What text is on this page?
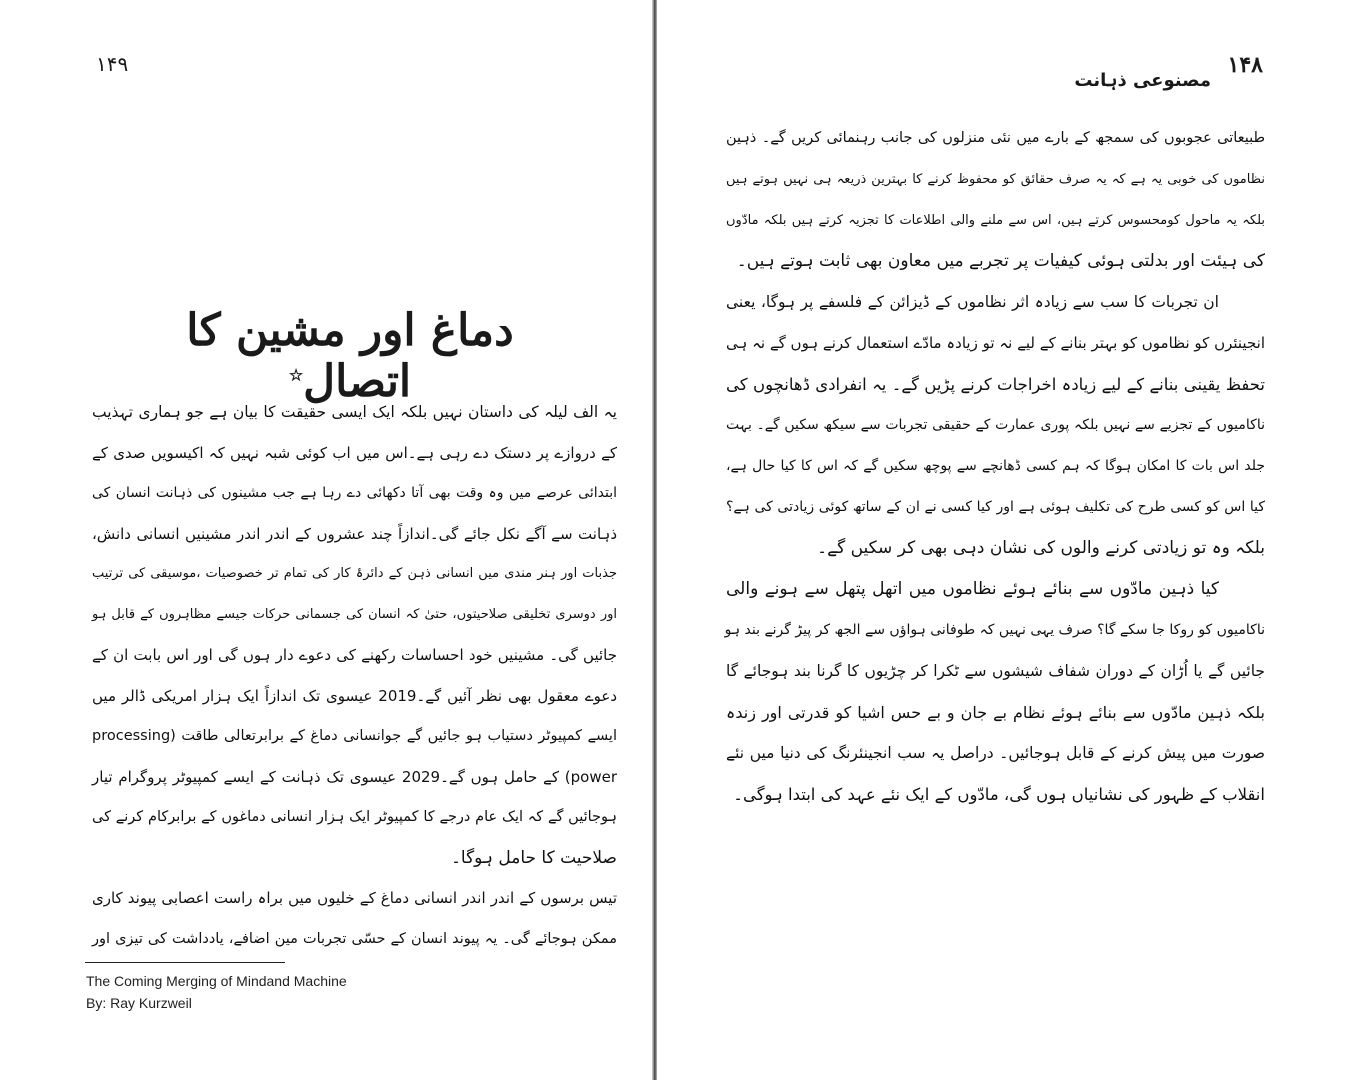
۱۴۹
دماغ اور مشین کا اتصال☆

یہ الف لیلہ کی داستان نہیں بلکہ ایک ایسی حقیقت کا بیان ہے جو ہماری تہذیب
کے دروازے پر دستک دے رہی ہے۔اس میں اب کوئی شبہ نہیں کہ اکیسویں صدی کے
ابتدائی عرصے میں وہ وقت بھی آتا دکھائی دے رہا ہے جب مشینوں کی ذہانت انسان کی
ذہانت سے آگے نکل جائے گی۔اندازاً چند عشروں کے اندر اندر مشینیں انسانی دانش،
جذبات اور ہنر مندی میں انسانی ذہن کے دائرۂ کار کی تمام تر خصوصیات ،موسیقی کی ترتیب
اور دوسری تخلیقی صلاحیتوں، حتیٰ کہ انسان کی جسمانی حرکات جیسے مظاہروں کے قابل ہو
جائیں گی۔ مشینیں خود احساسات رکھنے کی دعوے دار ہوں گی اور اس بابت ان کے
دعوے معقول بھی نظر آئیں گے۔2019 عیسوی تک اندازاً ایک ہزار امریکی ڈالر میں
ایسے کمپیوٹر دستیاب ہو جائیں گے جوانسانی دماغ کے برابرتعالی طاقت (processing
power) کے حامل ہوں گے۔2029 عیسوی تک ذہانت کے ایسے کمپیوٹر پروگرام تیار
ہوجائیں گے کہ ایک عام درجے کا کمپیوٹر ایک ہزار انسانی دماغوں کے برابرکام کرنے کی
صلاحیت کا حامل ہوگا۔

تیس برسوں کے اندر اندر انسانی دماغ کے خلیوں میں براہ راست اعصابی پیوند کاری
ممکن ہوجائے گی۔ یہ پیوند انسان کے حسّی تجربات مین اضافے، یادداشت کی تیزی اور

The Coming Merging of Mindand Machine
By: Ray Kurzweil
۱۴۸
مصنوعی ذہانت

طبیعاتی عجوبوں کی سمجھ کے بارے میں نئی منزلوں کی جانب رہنمائی کریں گے۔ ذہین
نظاموں کی خوبی یہ ہے کہ یہ صرف حقائق کو محفوظ کرنے کا بہترین ذریعہ ہی نہیں ہوتے ہیں
بلکہ یہ ماحول کومحسوس کرتے ہیں، اس سے ملنے والی اطلاعات کا تجزیہ کرتے ہیں بلکہ مادّوں
کی ہیئت اور بدلتی ہوئی کیفیات پر تجربے میں معاون بھی ثابت ہوتے ہیں۔

ان تجربات کا سب سے زیادہ اثر نظاموں کے ڈیزائن کے فلسفے پر ہوگا، یعنی

انجینئرں کو نظاموں کو بہتر بنانے کے لیے نہ تو زیادہ مادّے استعمال کرنے ہوں گے نہ ہی
تحفظ یقینی بنانے کے لیے زیادہ اخراجات کرنے پڑیں گے۔ یہ انفرادی ڈھانچوں کی
ناکامیوں کے تجزیے سے نہیں بلکہ پوری عمارت کے حقیقی تجربات سے سیکھ سکیں گے۔ بہت
جلد اس بات کا امکان ہوگا کہ ہم کسی ڈھانچے سے پوچھ سکیں گے کہ اس کا کیا حال ہے،
کیا اس کو کسی طرح کی تکلیف ہوئی ہے اور کیا کسی نے ان کے ساتھ کوئی زیادتی کی ہے؟
بلکہ وہ تو زیادتی کرنے والوں کی نشان دہی بھی کر سکیں گے۔

کیا ذہین مادّوں سے بنائے ہوئے نظاموں میں اتھل پتھل سے ہونے والی

ناکامیوں کو روکا جا سکے گا؟ صرف یہی نہیں کہ طوفانی ہواؤں سے الجھ کر پیڑ گرنے بند ہو
جائیں گے یا اُڑان کے دوران شفاف شیشوں سے ٹکرا کر چڑیوں کا گرنا بند ہوجائے گا
بلکہ ذہین مادّوں سے بنائے ہوئے نظام بے جان و بے حس اشیا کو قدرتی اور زندہ
صورت میں پیش کرنے کے قابل ہوجائیں۔ دراصل یہ سب انجینئرنگ کی دنیا میں نئے
انقلاب کے ظہور کی نشانیاں ہوں گی، مادّوں کے ایک نئے عہد کی ابتدا ہوگی۔
